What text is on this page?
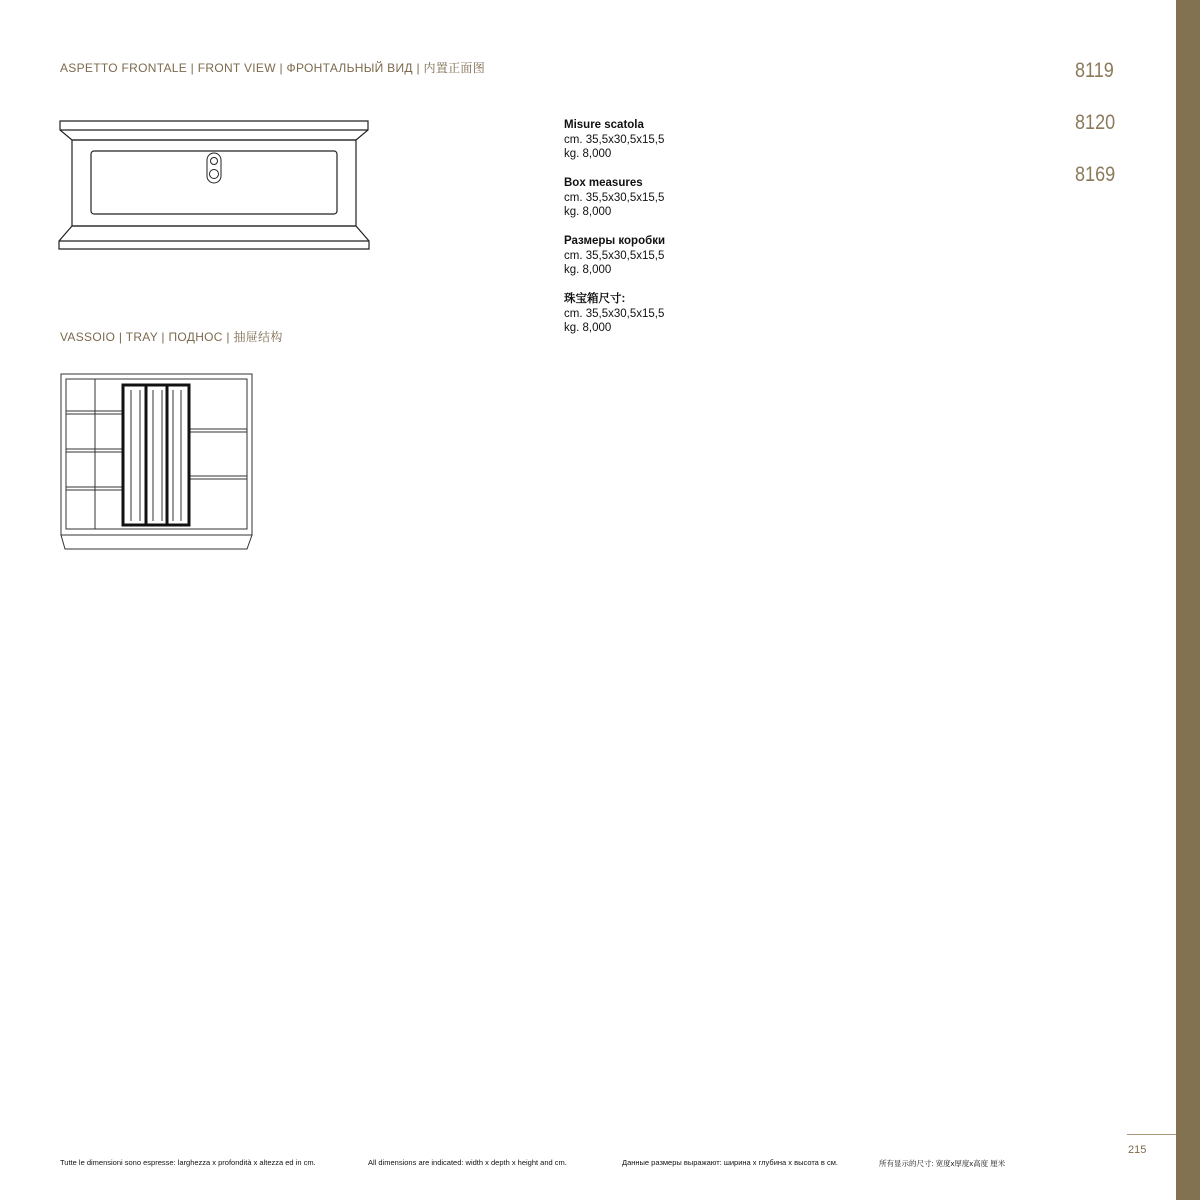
ASPETTO FRONTALE | FRONT VIEW | ФРОНТАЛЬНЫЙ ВИД | 内置正面图
VASSOIO | TRAY | ПОДНОС | 抽屉结构
Misure scatola
cm. 35,5x30,5x15,5
kg. 8,000
Box measures
cm. 35,5x30,5x15,5
kg. 8,000
Размеры коробки
cm. 35,5x30,5x15,5
kg. 8,000
珠宝箱尺寸:
cm. 35,5x30,5x15,5
kg. 8,000
8119
8120
8169
215
Tutte le dimensioni sono espresse: larghezza x profondità x altezza ed in cm.	All dimensions are indicated: width x depth x height and cm.	Данные размеры выражают: ширина x глубина x высота в см.	所有显示的尺寸: 宽度x厚度x高度 厘米
